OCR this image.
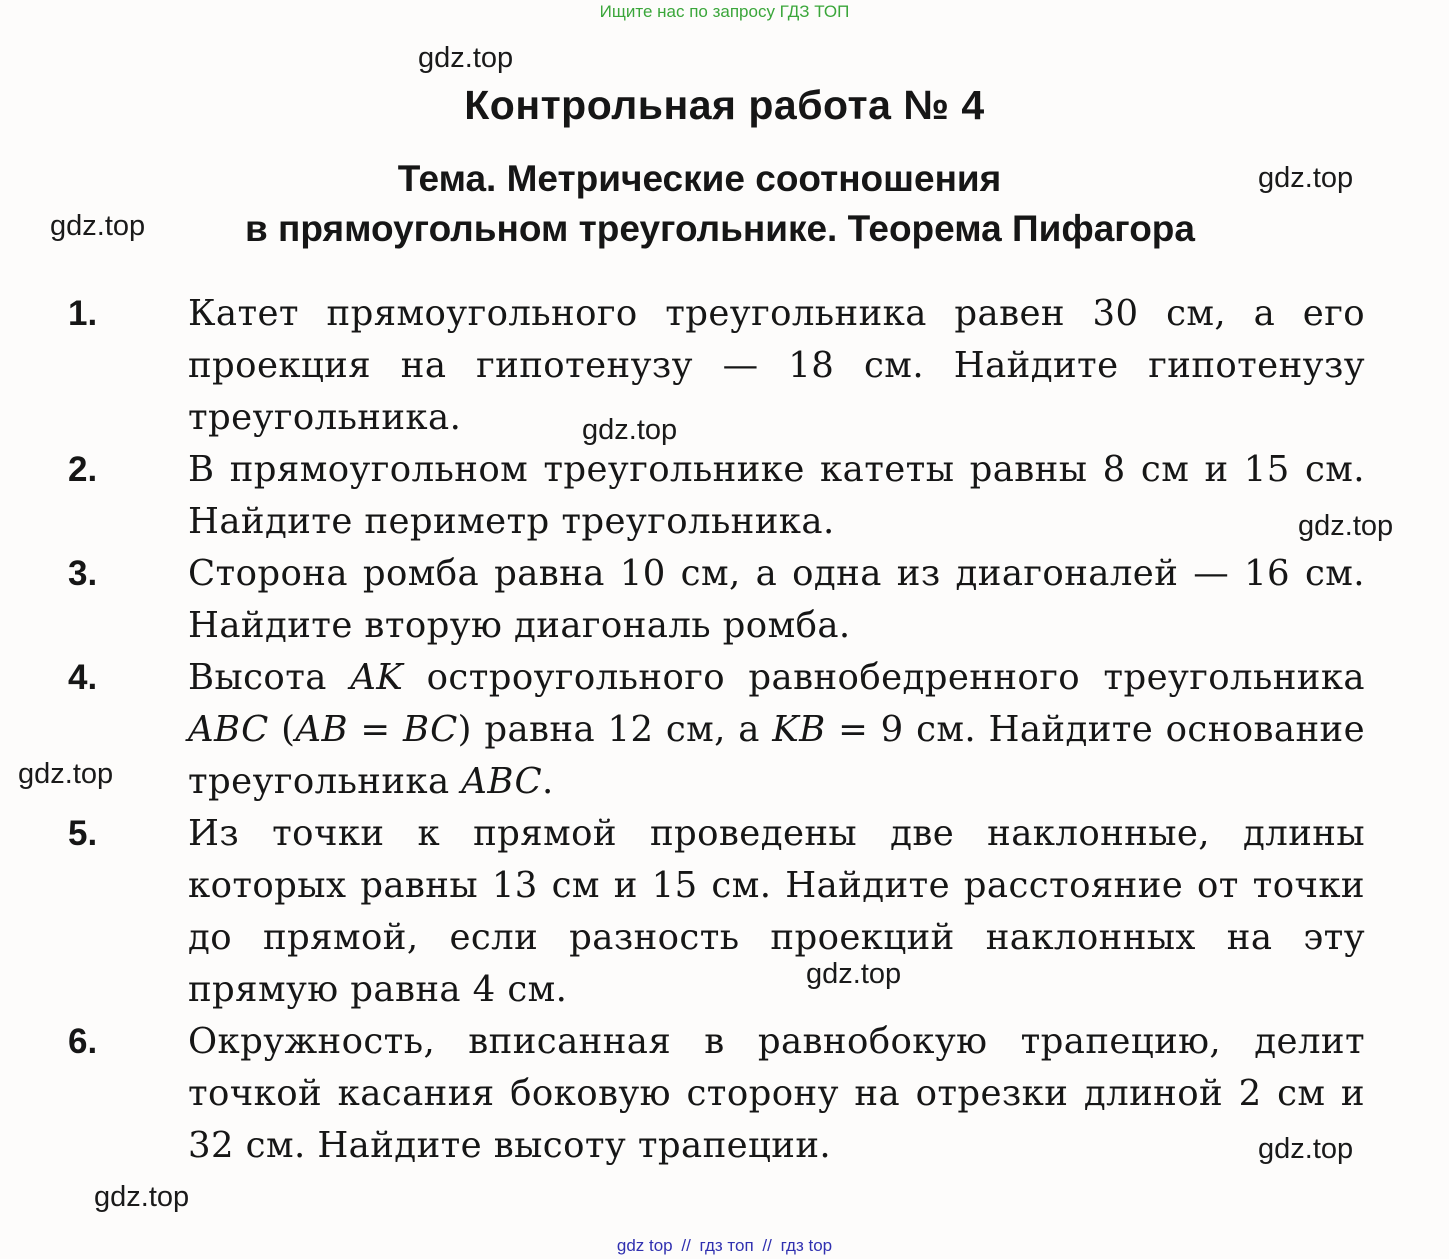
Ищите нас по запросу ГДЗ ТОП
Контрольная работа № 4
Тема. Метрические соотношения
в прямоугольном треугольнике. Теорема Пифагора
1.	Катет прямоугольного треугольника равен 30 см, а его проекция на гипотенузу — 18 см. Найдите гипотенузу треугольника.
2.	В прямоугольном треугольнике катеты равны 8 см и 15 см. Найдите периметр треугольника.
3.	Сторона ромба равна 10 см, а одна из диагоналей — 16 см. Найдите вторую диагональ ромба.
4.	Высота AK остроугольного равнобедренного треугольника ABC (AB = BC) равна 12 см, а KB = 9 см. Найдите основание треугольника ABC.
5.	Из точки к прямой проведены две наклонные, длины которых равны 13 см и 15 см. Найдите расстояние от точки до прямой, если разность проекций наклонных на эту прямую равна 4 см.
6.	Окружность, вписанная в равнобокую трапецию, делит точкой касания боковую сторону на отрезки длиной 2 см и 32 см. Найдите высоту трапеции.
gdz.top
gdz.top
gdz.top
gdz.top
gdz.top
gdz.top
gdz.top
gdz.top
gdz.top
gdz top // гдз топ // гдз top
